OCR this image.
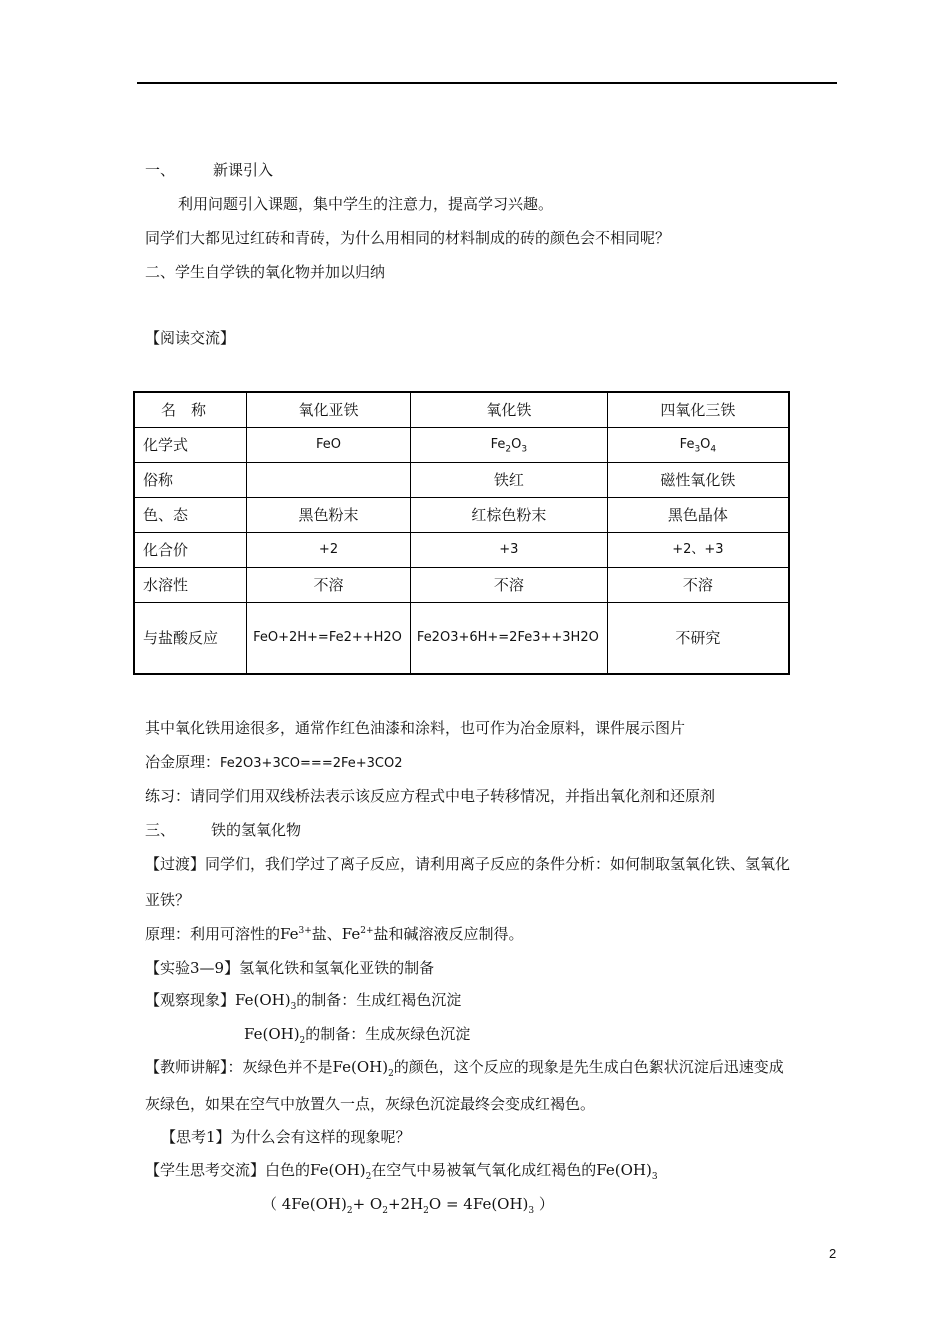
一、	新课引入
利用问题引入课题，集中学生的注意力，提高学习兴趣。
同学们大都见过红砖和青砖，为什么用相同的材料制成的砖的颜色会不相同呢？
二、学生自学铁的氧化物并加以归纳
【阅读交流】
名　称	氧化亚铁	氧化铁	四氧化三铁
化学式	FeO	$Fe_2O_3$	$Fe_3O_4$
俗称		铁红	磁性氧化铁
色、态	黑色粉末	红棕色粉末	黑色晶体
化合价	+2	+3	+2、+3
水溶性	不溶	不溶	不溶
与盐酸反应	FeO+2H+=Fe2++H2O	Fe2O3+6H+=2Fe3++3H2O	不研究
其中氧化铁用途很多，通常作红色油漆和涂料，也可作为冶金原料，课件展示图片
冶金原理：Fe2O3+3CO===2Fe+3CO2
练习：请同学们用双线桥法表示该反应方程式中电子转移情况，并指出氧化剂和还原剂
三、 铁的氢氧化物
【过渡】同学们，我们学过了离子反应，请利用离子反应的条件分析：如何制取氢氧化铁、氢氧化
亚铁？
原理：利用可溶性的$Fe^{3+}$盐、$Fe^{2+}$盐和碱溶液反应制得。
【实验3—9】氢氧化铁和氢氧化亚铁的制备
【观察现象】$Fe(OH)_3$的制备：生成红褐色沉淀
$Fe(OH)_2$的制备：生成灰绿色沉淀
【教师讲解】：灰绿色并不是$Fe(OH)_2$的颜色，这个反应的现象是先生成白色絮状沉淀后迅速变成
灰绿色，如果在空气中放置久一点，灰绿色沉淀最终会变成红褐色。
【思考1】为什么会有这样的现象呢？
【学生思考交流】白色的$Fe(OH)_2$在空气中易被氧气氧化成红褐色的$Fe(OH)_3$
（ $4Fe(OH)_2+ O_2+2H_2O = 4Fe(OH)_3$ ）
2
